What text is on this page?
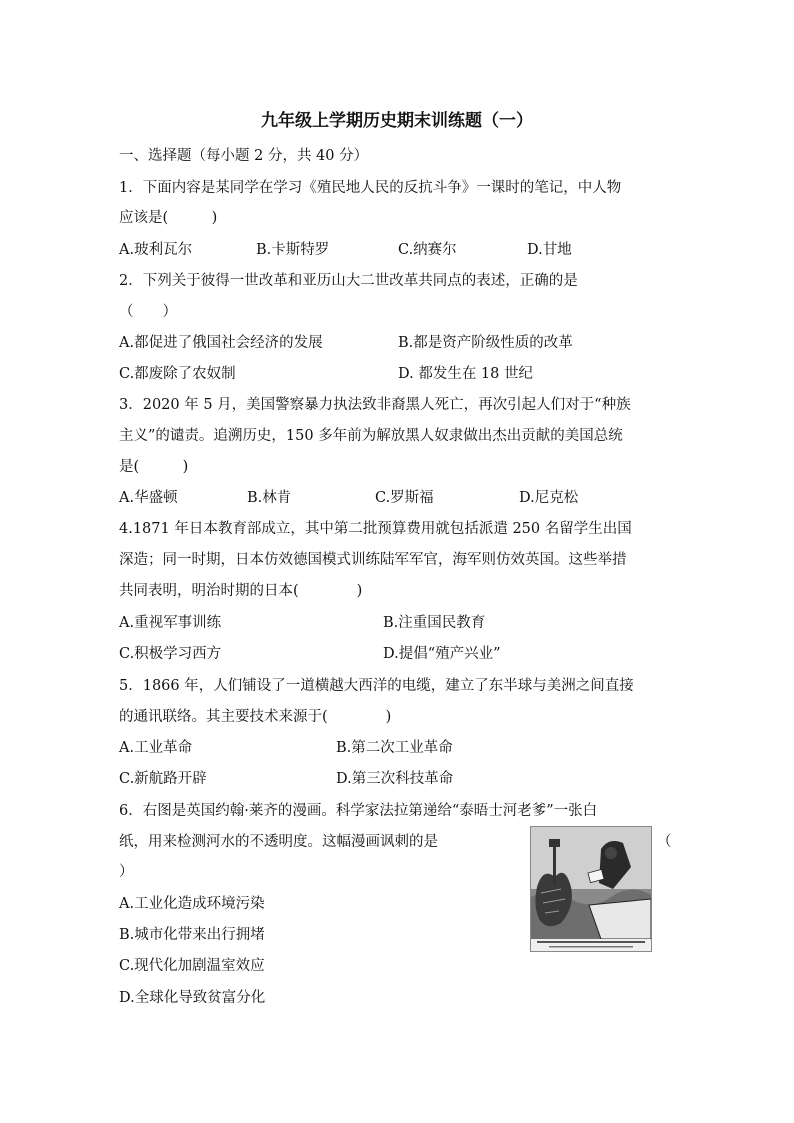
九年级上学期历史期末训练题（一）
一、选择题（每小题 2 分，共 40 分）
1．下面内容是某同学在学习《殖民地人民的反抗斗争》一课时的笔记，中人物
应该是(　　　)
A.玻利瓦尔	B.卡斯特罗	C.纳赛尔	D.甘地
2．下列关于彼得一世改革和亚历山大二世改革共同点的表述，正确的是
（　　）
A.都促进了俄国社会经济的发展	B.都是资产阶级性质的改革
C.都废除了农奴制	D. 都发生在 18 世纪
3．2020 年 5 月，美国警察暴力执法致非裔黑人死亡，再次引起人们对于“种族
主义”的谴责。追溯历史，150 多年前为解放黑人奴隶做出杰出贡献的美国总统
是(　　　)
A.华盛顿	B.林肯	C.罗斯福	D.尼克松
4.1871 年日本教育部成立，其中第二批预算费用就包括派遣 250 名留学生出国
深造；同一时期，日本仿效德国模式训练陆军军官，海军则仿效英国。这些举措
共同表明，明治时期的日本(　　　　)
A.重视军事训练	B.注重国民教育
C.积极学习西方	D.提倡“殖产兴业”
5．1866 年，人们铺设了一道横越大西洋的电缆，建立了东半球与美洲之间直接
的通讯联络。其主要技术来源于(　　　　)
A.工业革命	B.第二次工业革命
C.新航路开辟	D.第三次科技革命
6．右图是英国约翰·莱齐的漫画。科学家法拉第递给“泰晤士河老爹”一张白
纸，用来检测河水的不透明度。这幅漫画讽刺的是	（
）
A.工业化造成环境污染
B.城市化带来出行拥堵
C.现代化加剧温室效应
D.全球化导致贫富分化
